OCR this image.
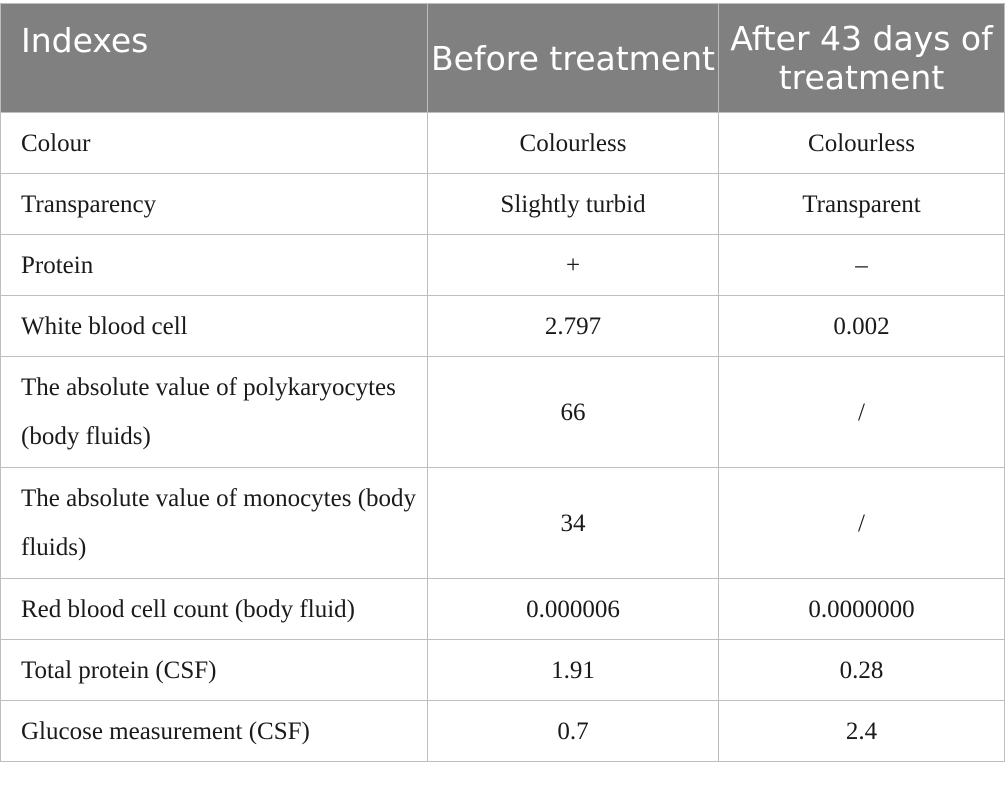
Indexes	Before treatment	After 43 days of treatment
Colour	Colourless	Colourless
Transparency	Slightly turbid	Transparent
Protein	+	–
White blood cell	2.797	0.002
The absolute value of polykaryocytes (body fluids)	66	/
The absolute value of monocytes (body fluids)	34	/
Red blood cell count (body fluid)	0.000006	0.0000000
Total protein (CSF)	1.91	0.28
Glucose measurement (CSF)	0.7	2.4
